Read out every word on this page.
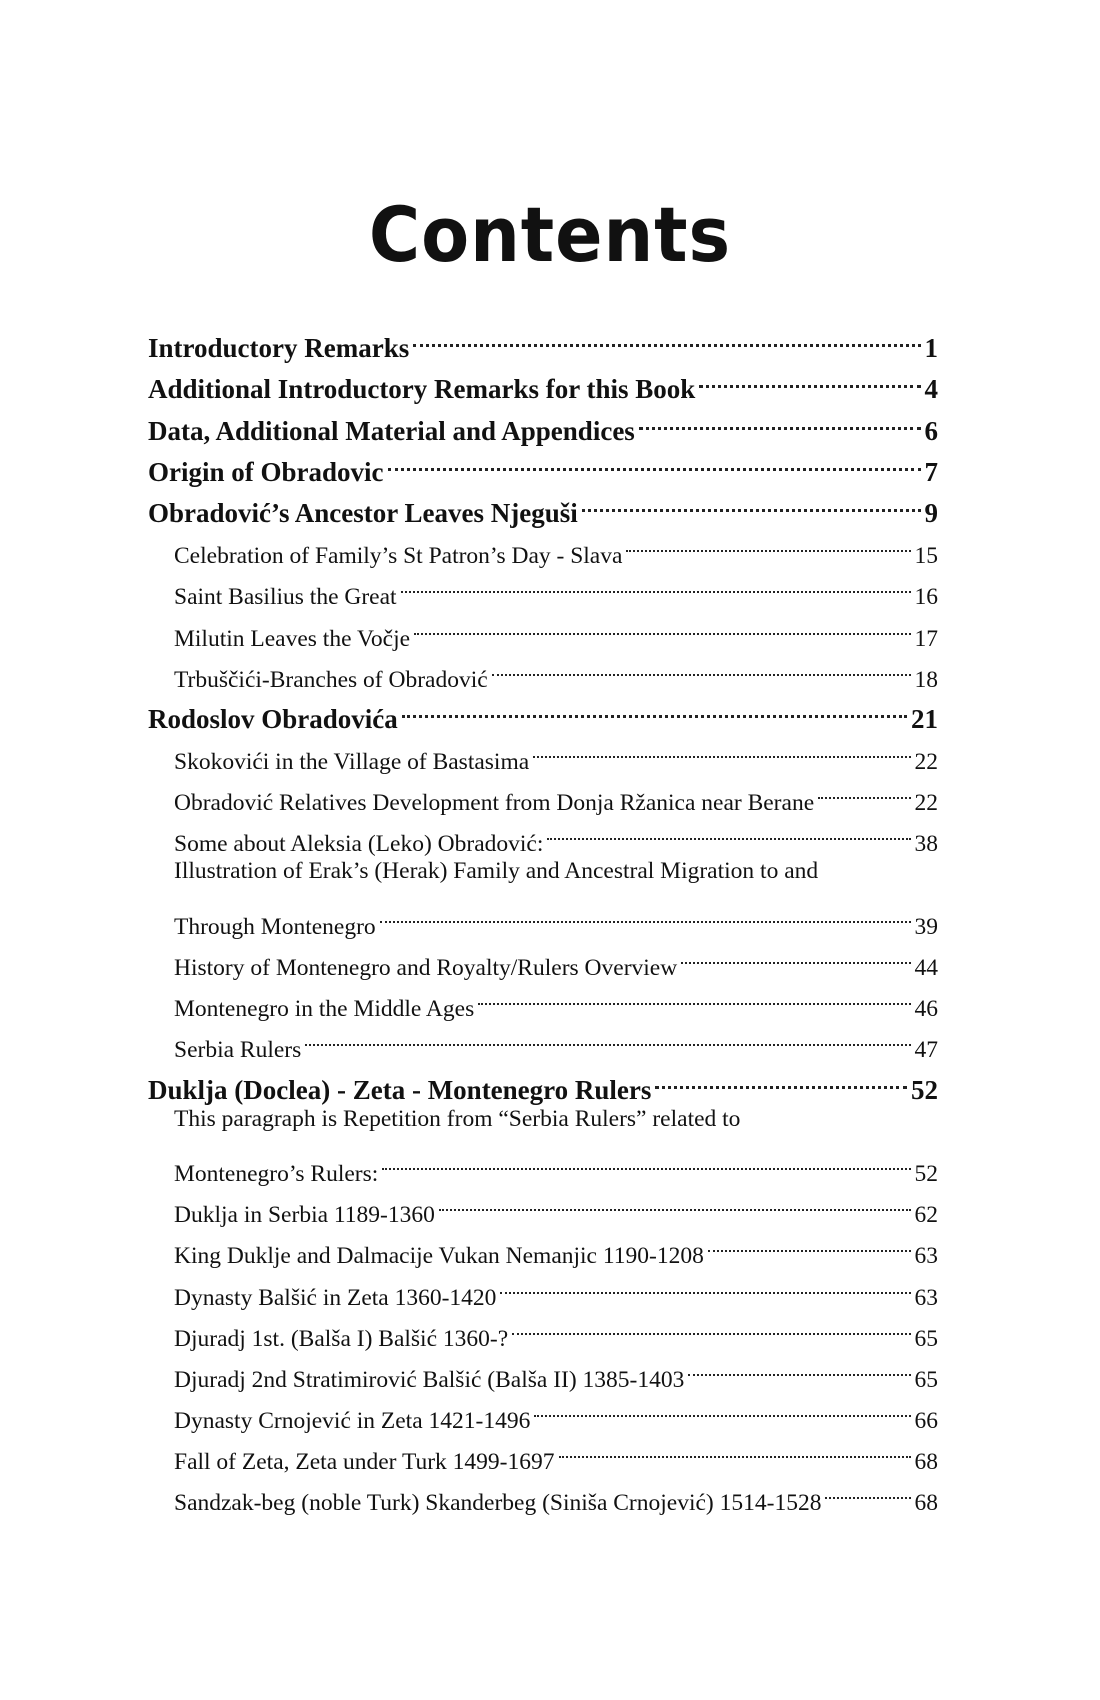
Contents
Introductory Remarks	1
Additional Introductory Remarks for this Book	4
Data, Additional Material and Appendices	6
Origin of Obradovic	7
Obradović’s Ancestor Leaves Njeguši	9
Celebration of Family’s St Patron’s Day - Slava	15
Saint Basilius the Great	16
Milutin Leaves the Vočje	17
Trbuščići-Branches of Obradović	18
Rodoslov Obradovića	21
Skokovići in the Village of Bastasima	22
Obradović Relatives Development from Donja Ržanica near Berane	22
Some about Aleksia (Leko) Obradović:	38
Illustration of Erak’s (Herak) Family and Ancestral Migration to and
Through Montenegro	39
History of Montenegro and Royalty/Rulers Overview	44
Montenegro in the Middle Ages	46
Serbia Rulers	47
Duklja (Doclea) - Zeta - Montenegro Rulers	52
This paragraph is Repetition from “Serbia Rulers” related to
Montenegro’s Rulers:	52
Duklja in Serbia 1189-1360	62
King Duklje and Dalmacije Vukan Nemanjic 1190-1208	63
Dynasty Balšić in Zeta 1360-1420	63
Djuradj 1st. (Balša I) Balšić 1360-?	65
Djuradj 2nd Stratimirović Balšić (Balša II) 1385-1403	65
Dynasty Crnojević in Zeta 1421-1496	66
Fall of Zeta, Zeta under Turk 1499-1697	68
Sandzak-beg (noble Turk) Skanderbeg (Siniša Crnojević) 1514-1528	68
